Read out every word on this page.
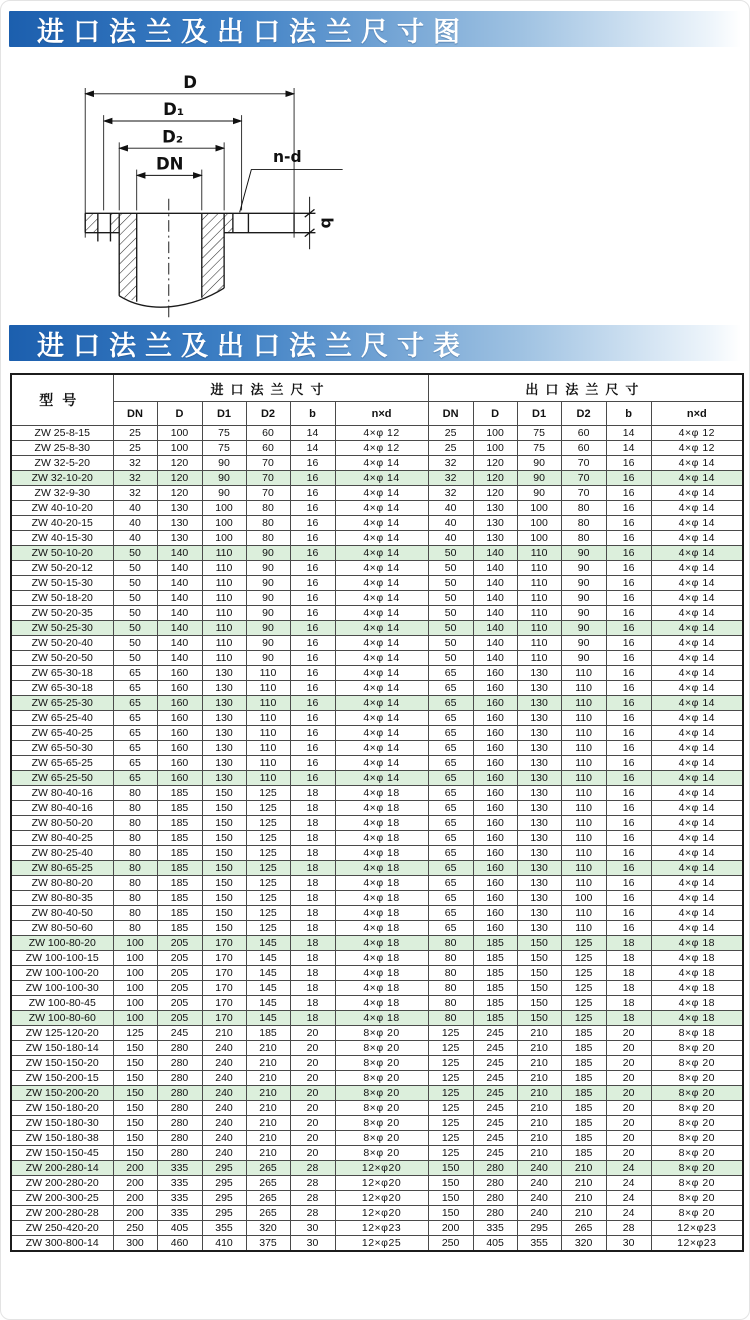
进口法兰及出口法兰尺寸图
D
D₁
D₂
DN	n-d
b
进口法兰及出口法兰尺寸表
型号	进口法兰尺寸						出口法兰尺寸					
	DN	D	D1	D2	b	n×d	DN	D	D1	D2	b	n×d
ZW 25-8-15	25	100	75	60	14	4×φ 12	25	100	75	60	14	4×φ 12
ZW 25-8-30	25	100	75	60	14	4×φ 12	25	100	75	60	14	4×φ 12
ZW 32-5-20	32	120	90	70	16	4×φ 14	32	120	90	70	16	4×φ 14
ZW 32-10-20	32	120	90	70	16	4×φ 14	32	120	90	70	16	4×φ 14
ZW 32-9-30	32	120	90	70	16	4×φ 14	32	120	90	70	16	4×φ 14
ZW 40-10-20	40	130	100	80	16	4×φ 14	40	130	100	80	16	4×φ 14
ZW 40-20-15	40	130	100	80	16	4×φ 14	40	130	100	80	16	4×φ 14
ZW 40-15-30	40	130	100	80	16	4×φ 14	40	130	100	80	16	4×φ 14
ZW 50-10-20	50	140	110	90	16	4×φ 14	50	140	110	90	16	4×φ 14
ZW 50-20-12	50	140	110	90	16	4×φ 14	50	140	110	90	16	4×φ 14
ZW 50-15-30	50	140	110	90	16	4×φ 14	50	140	110	90	16	4×φ 14
ZW 50-18-20	50	140	110	90	16	4×φ 14	50	140	110	90	16	4×φ 14
ZW 50-20-35	50	140	110	90	16	4×φ 14	50	140	110	90	16	4×φ 14
ZW 50-25-30	50	140	110	90	16	4×φ 14	50	140	110	90	16	4×φ 14
ZW 50-20-40	50	140	110	90	16	4×φ 14	50	140	110	90	16	4×φ 14
ZW 50-20-50	50	140	110	90	16	4×φ 14	50	140	110	90	16	4×φ 14
ZW 65-30-18	65	160	130	110	16	4×φ 14	65	160	130	110	16	4×φ 14
ZW 65-30-18	65	160	130	110	16	4×φ 14	65	160	130	110	16	4×φ 14
ZW 65-25-30	65	160	130	110	16	4×φ 14	65	160	130	110	16	4×φ 14
ZW 65-25-40	65	160	130	110	16	4×φ 14	65	160	130	110	16	4×φ 14
ZW 65-40-25	65	160	130	110	16	4×φ 14	65	160	130	110	16	4×φ 14
ZW 65-50-30	65	160	130	110	16	4×φ 14	65	160	130	110	16	4×φ 14
ZW 65-65-25	65	160	130	110	16	4×φ 14	65	160	130	110	16	4×φ 14
ZW 65-25-50	65	160	130	110	16	4×φ 14	65	160	130	110	16	4×φ 14
ZW 80-40-16	80	185	150	125	18	4×φ 18	65	160	130	110	16	4×φ 14
ZW 80-40-16	80	185	150	125	18	4×φ 18	65	160	130	110	16	4×φ 14
ZW 80-50-20	80	185	150	125	18	4×φ 18	65	160	130	110	16	4×φ 14
ZW 80-40-25	80	185	150	125	18	4×φ 18	65	160	130	110	16	4×φ 14
ZW 80-25-40	80	185	150	125	18	4×φ 18	65	160	130	110	16	4×φ 14
ZW 80-65-25	80	185	150	125	18	4×φ 18	65	160	130	110	16	4×φ 14
ZW 80-80-20	80	185	150	125	18	4×φ 18	65	160	130	110	16	4×φ 14
ZW 80-80-35	80	185	150	125	18	4×φ 18	65	160	130	100	16	4×φ 14
ZW 80-40-50	80	185	150	125	18	4×φ 18	65	160	130	110	16	4×φ 14
ZW 80-50-60	80	185	150	125	18	4×φ 18	65	160	130	110	16	4×φ 14
ZW 100-80-20	100	205	170	145	18	4×φ 18	80	185	150	125	18	4×φ 18
ZW 100-100-15	100	205	170	145	18	4×φ 18	80	185	150	125	18	4×φ 18
ZW 100-100-20	100	205	170	145	18	4×φ 18	80	185	150	125	18	4×φ 18
ZW 100-100-30	100	205	170	145	18	4×φ 18	80	185	150	125	18	4×φ 18
ZW 100-80-45	100	205	170	145	18	4×φ 18	80	185	150	125	18	4×φ 18
ZW 100-80-60	100	205	170	145	18	4×φ 18	80	185	150	125	18	4×φ 18
ZW 125-120-20	125	245	210	185	20	8×φ 20	125	245	210	185	20	8×φ 18
ZW 150-180-14	150	280	240	210	20	8×φ 20	125	245	210	185	20	8×φ 20
ZW 150-150-20	150	280	240	210	20	8×φ 20	125	245	210	185	20	8×φ 20
ZW 150-200-15	150	280	240	210	20	8×φ 20	125	245	210	185	20	8×φ 20
ZW 150-200-20	150	280	240	210	20	8×φ 20	125	245	210	185	20	8×φ 20
ZW 150-180-20	150	280	240	210	20	8×φ 20	125	245	210	185	20	8×φ 20
ZW 150-180-30	150	280	240	210	20	8×φ 20	125	245	210	185	20	8×φ 20
ZW 150-180-38	150	280	240	210	20	8×φ 20	125	245	210	185	20	8×φ 20
ZW 150-150-45	150	280	240	210	20	8×φ 20	125	245	210	185	20	8×φ 20
ZW 200-280-14	200	335	295	265	28	12×φ20	150	280	240	210	24	8×φ 20
ZW 200-280-20	200	335	295	265	28	12×φ20	150	280	240	210	24	8×φ 20
ZW 200-300-25	200	335	295	265	28	12×φ20	150	280	240	210	24	8×φ 20
ZW 200-280-28	200	335	295	265	28	12×φ20	150	280	240	210	24	8×φ 20
ZW 250-420-20	250	405	355	320	30	12×φ23	200	335	295	265	28	12×φ23
ZW 300-800-14	300	460	410	375	30	12×φ25	250	405	355	320	30	12×φ23
